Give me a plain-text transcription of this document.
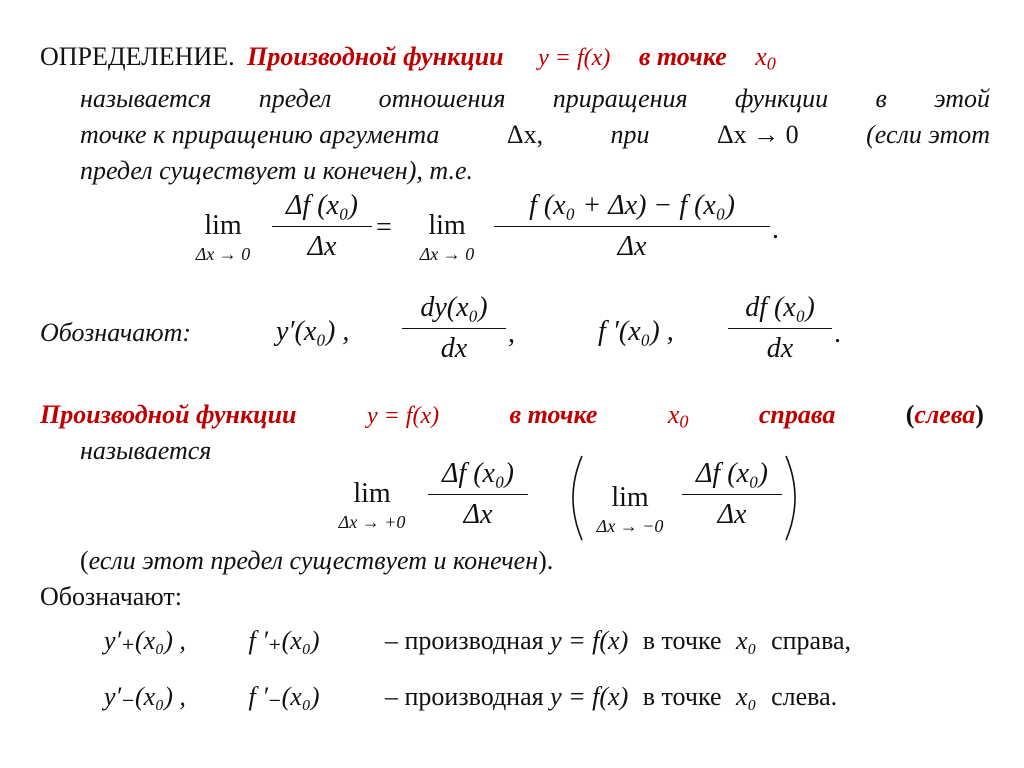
ОПРЕДЕЛЕНИЕ. Производной функции y = f(x) в точке $x_0$
называется предел отношения приращения функции в этой
точке к приращению аргумента	Δx,	при	Δx → 0	(если этот
предел существует и конечен), т.е.
lim
Δx → 0
Δf (x₀)
Δx
=	lim
Δx → 0
f (x₀ + Δx) − f (x₀)
Δx
.
Обозначают:	y′(x₀) ,
dy(x₀)
dx	,	f ′(x₀) ,
df (x₀)
dx	.
Производной функции	y = f(x)	в точке	$x_0$	справа	(слева)
называется
lim
Δx → +0
Δf (x₀)
Δx
lim
Δx → −0
Δf (x₀)
Δx
(если этот предел существует и конечен).
Обозначают:
y′₊(x₀) , f ′₊(x₀)	– производная y = f(x) в точке x₀ справа,
y′₋(x₀) , f ′₋(x₀)	– производная y = f(x) в точке x₀ слева.
